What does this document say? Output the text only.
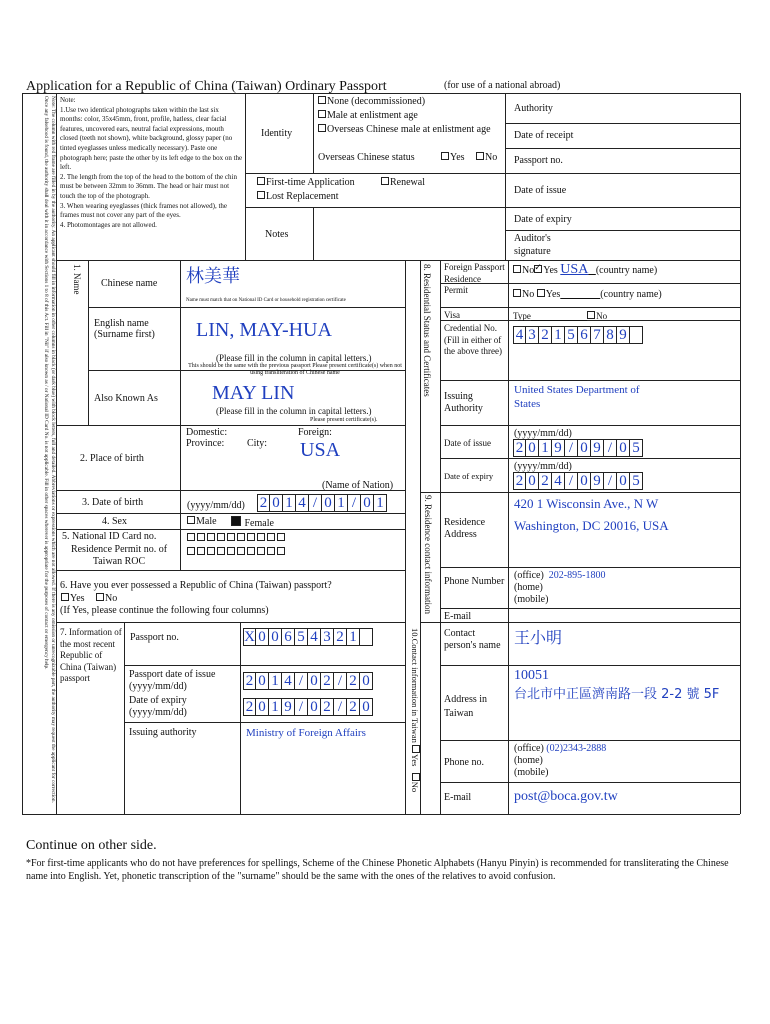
Application for a Republic of China (Taiwan) Ordinary Passport	(for use of a national abroad)
Note: The column with red frame are filled in by the authority. An applicant should fill in information in other columns in black (or dark blue) with block letters, full and detailed. Abbreviations or expressions which are not allowed. If there is any omission or unrecognizable part, the authority may request the applicant for correction. Once any falsehood is found, the authority shall deal with it in accordance with Sections 1 to 8 of this Act. Fill in "Nil" if also known as / or National ID Card No. is not applicable. Fill in other spaces wherever is appropriate for the purposes of contact or emergency help.	Note:
1.Use two identical photographs taken within the last six months: color, 35x45mm, front, profile, hatless, clear facial features, uncovered ears, neutral facial expressions, mouth closed (teeth not shown), white background, glossy paper (no tinted eyeglasses unless medically necessary). Paste one photograph here; paste the other by its left edge to the box on the left.
2. The length from the top of the head to the bottom of the chin must be between 32mm to 36mm. The head or hair must not touch the top of the photograph.
3. When wearing eyeglasses (thick frames not allowed), the frames must not cover any part of the eyes.
4. Photomontages are not allowed.
Identity
None (decommissioned)
Male at enlistment age
Overseas Chinese male at enlistment age
Overseas Chinese status	Yes	No
First-time Application	Renewal
Lost Replacement
Notes
Authority
Date of receipt
Passport no.
Date of issue
Date of expiry
Auditor's signature
1. Name Chinese name 林美華
Name must match that on National ID Card or household registration certificate
English name (Surname first)	LIN, MAY-HUA
(Please fill in the column in capital letters.)
This should be the same with the previous passport Please present certificate(s) when not using transliteration of Chinese name
Also Known As	MAY LIN
(Please fill in the column in capital letters.)
Please present certificate(s).
2. Place of birth
Domestic:
Province: City:
Foreign:
USA
(Name of Nation)
3. Date of birth	(yyyy/mm/dd) 2 0 1 4 / 0 1 / 0 1
4. Sex	Male	Female
5. National ID Card no.
Residence Permit no. of Taiwan ROC
6. Have you ever possessed a Republic of China (Taiwan) passport?
Yes	No
(If Yes, please continue the following four columns)
7. Information of the most recent Republic of China (Taiwan) passport
Passport no.	X 0 0 6 5 4 3 2 1
Passport date of issue (yyyy/mm/dd)	2 0 1 4 / 0 2 / 2 0
Date of expiry (yyyy/mm/dd)	2 0 1 9 / 0 2 / 2 0
Issuing authority	Ministry of Foreign Affairs
8. Residential Status and Certificates
9. Residence contact information
10.Contact information in Taiwan Yes   No
Foreign Passport Residence Permit
No ✓ Yes USA (country name)
No Yes	(country name)
Visa	Type	No
Credential No. (Fill in either of the above three)
4 3 2 1 5 6 7 8 9
Issuing Authority
United States Department of States
Date of issue
(yyyy/mm/dd)
2 0 1 9 / 0 9 / 0 5
Date of expiry
(yyyy/mm/dd)
2 0 2 4 / 0 9 / 0 5
Residence Address
420 1 Wisconsin Ave., N W
Washington, DC 20016, USA
Phone Number
(office) 202-895-1800
(home)
(mobile)
E-mail
Contact person's name 王小明
Address in Taiwan
10051
台北市中正區濟南路一段 2-2 號 5F
Phone no.
(office) (02)2343-2888
(home)
(mobile)
E-mail	post@boca.gov.tw
Continue on other side.
*For first-time applicants who do not have preferences for spellings, Scheme of the Chinese Phonetic Alphabets (Hanyu Pinyin) is recommended for transliterating the Chinese name into English. Yet, phonetic transcription of the "surname" should be the same with the ones of the relatives to avoid confusion.
